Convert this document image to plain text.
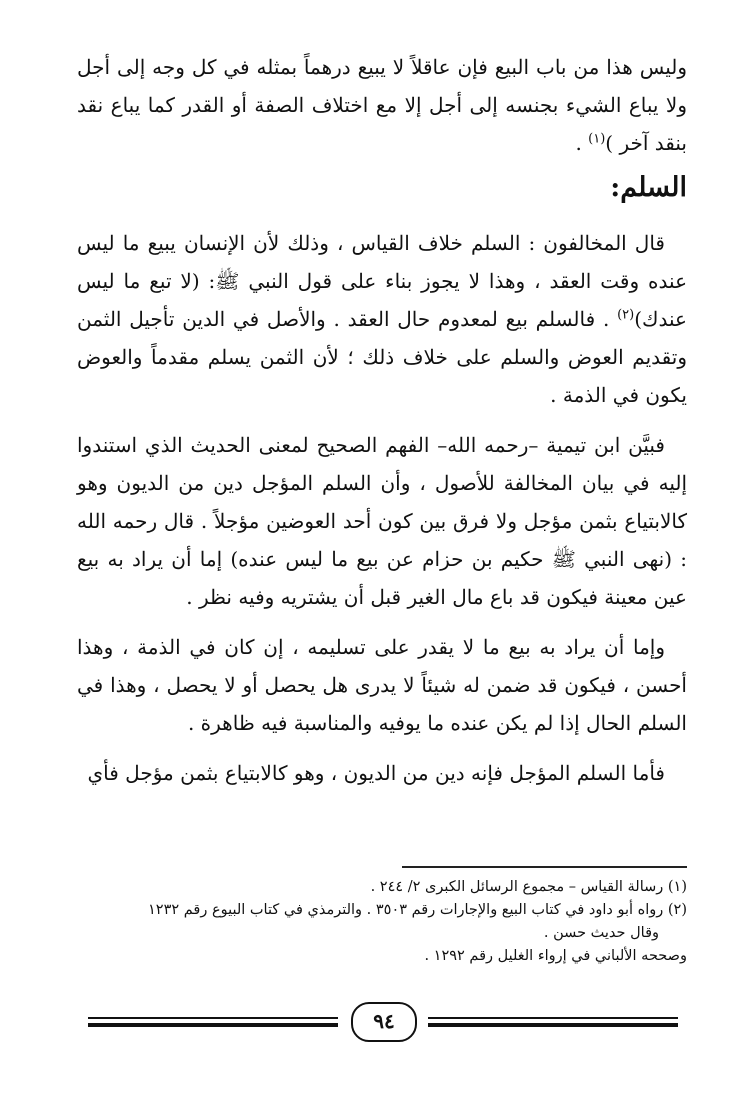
وليس هذا من باب البيع فإن عاقلاً لا يبيع درهماً بمثله في كل وجه إلى أجل ولا يباع الشيء بجنسه إلى أجل إلا مع اختلاف الصفة أو القدر كما يباع نقد بنقد آخر )$^{(١)}$ .

السلم:

قال المخالفون : السلم خلاف القياس ، وذلك لأن الإنسان يبيع ما ليس عنده وقت العقد ، وهذا لا يجوز بناء على قول النبي ﷺ: (لا تبع ما ليس عندك)$^{(٢)}$ . فالسلم بيع لمعدوم حال العقد . والأصل في الدين تأجيل الثمن وتقديم العوض والسلم على خلاف ذلك ؛ لأن الثمن يسلم مقدماً والعوض يكون في الذمة .

فبيَّن ابن تيمية –رحمه الله– الفهم الصحيح لمعنى الحديث الذي استندوا إليه في بيان المخالفة للأصول ، وأن السلم المؤجل دين من الديون وهو كالابتياع بثمن مؤجل ولا فرق بين كون أحد العوضين مؤجلاً . قال رحمه الله : (نهى النبي ﷺ حكيم بن حزام عن بيع ما ليس عنده) إما أن يراد به بيع عين معينة فيكون قد باع مال الغير قبل أن يشتريه وفيه نظر .

وإما أن يراد به بيع ما لا يقدر على تسليمه ، إن كان في الذمة ، وهذا أحسن ، فيكون قد ضمن له شيئاً لا يدرى هل يحصل أو لا يحصل ، وهذا في السلم الحال إذا لم يكن عنده ما يوفيه والمناسبة فيه ظاهرة .

فأما السلم المؤجل فإنه دين من الديون ، وهو كالابتياع بثمن مؤجل فأي

(١) رسالة القياس – مجموع الرسائل الكبرى ٢/ ٢٤٤ .

(٢) رواه أبو داود في كتاب البيع والإجارات رقم ٣٥٠٣ . والترمذي في كتاب البيوع رقم ١٢٣٢

وقال حديث حسن .

وصححه الألباني في إرواء الغليل رقم ١٢٩٢ .

٩٤
